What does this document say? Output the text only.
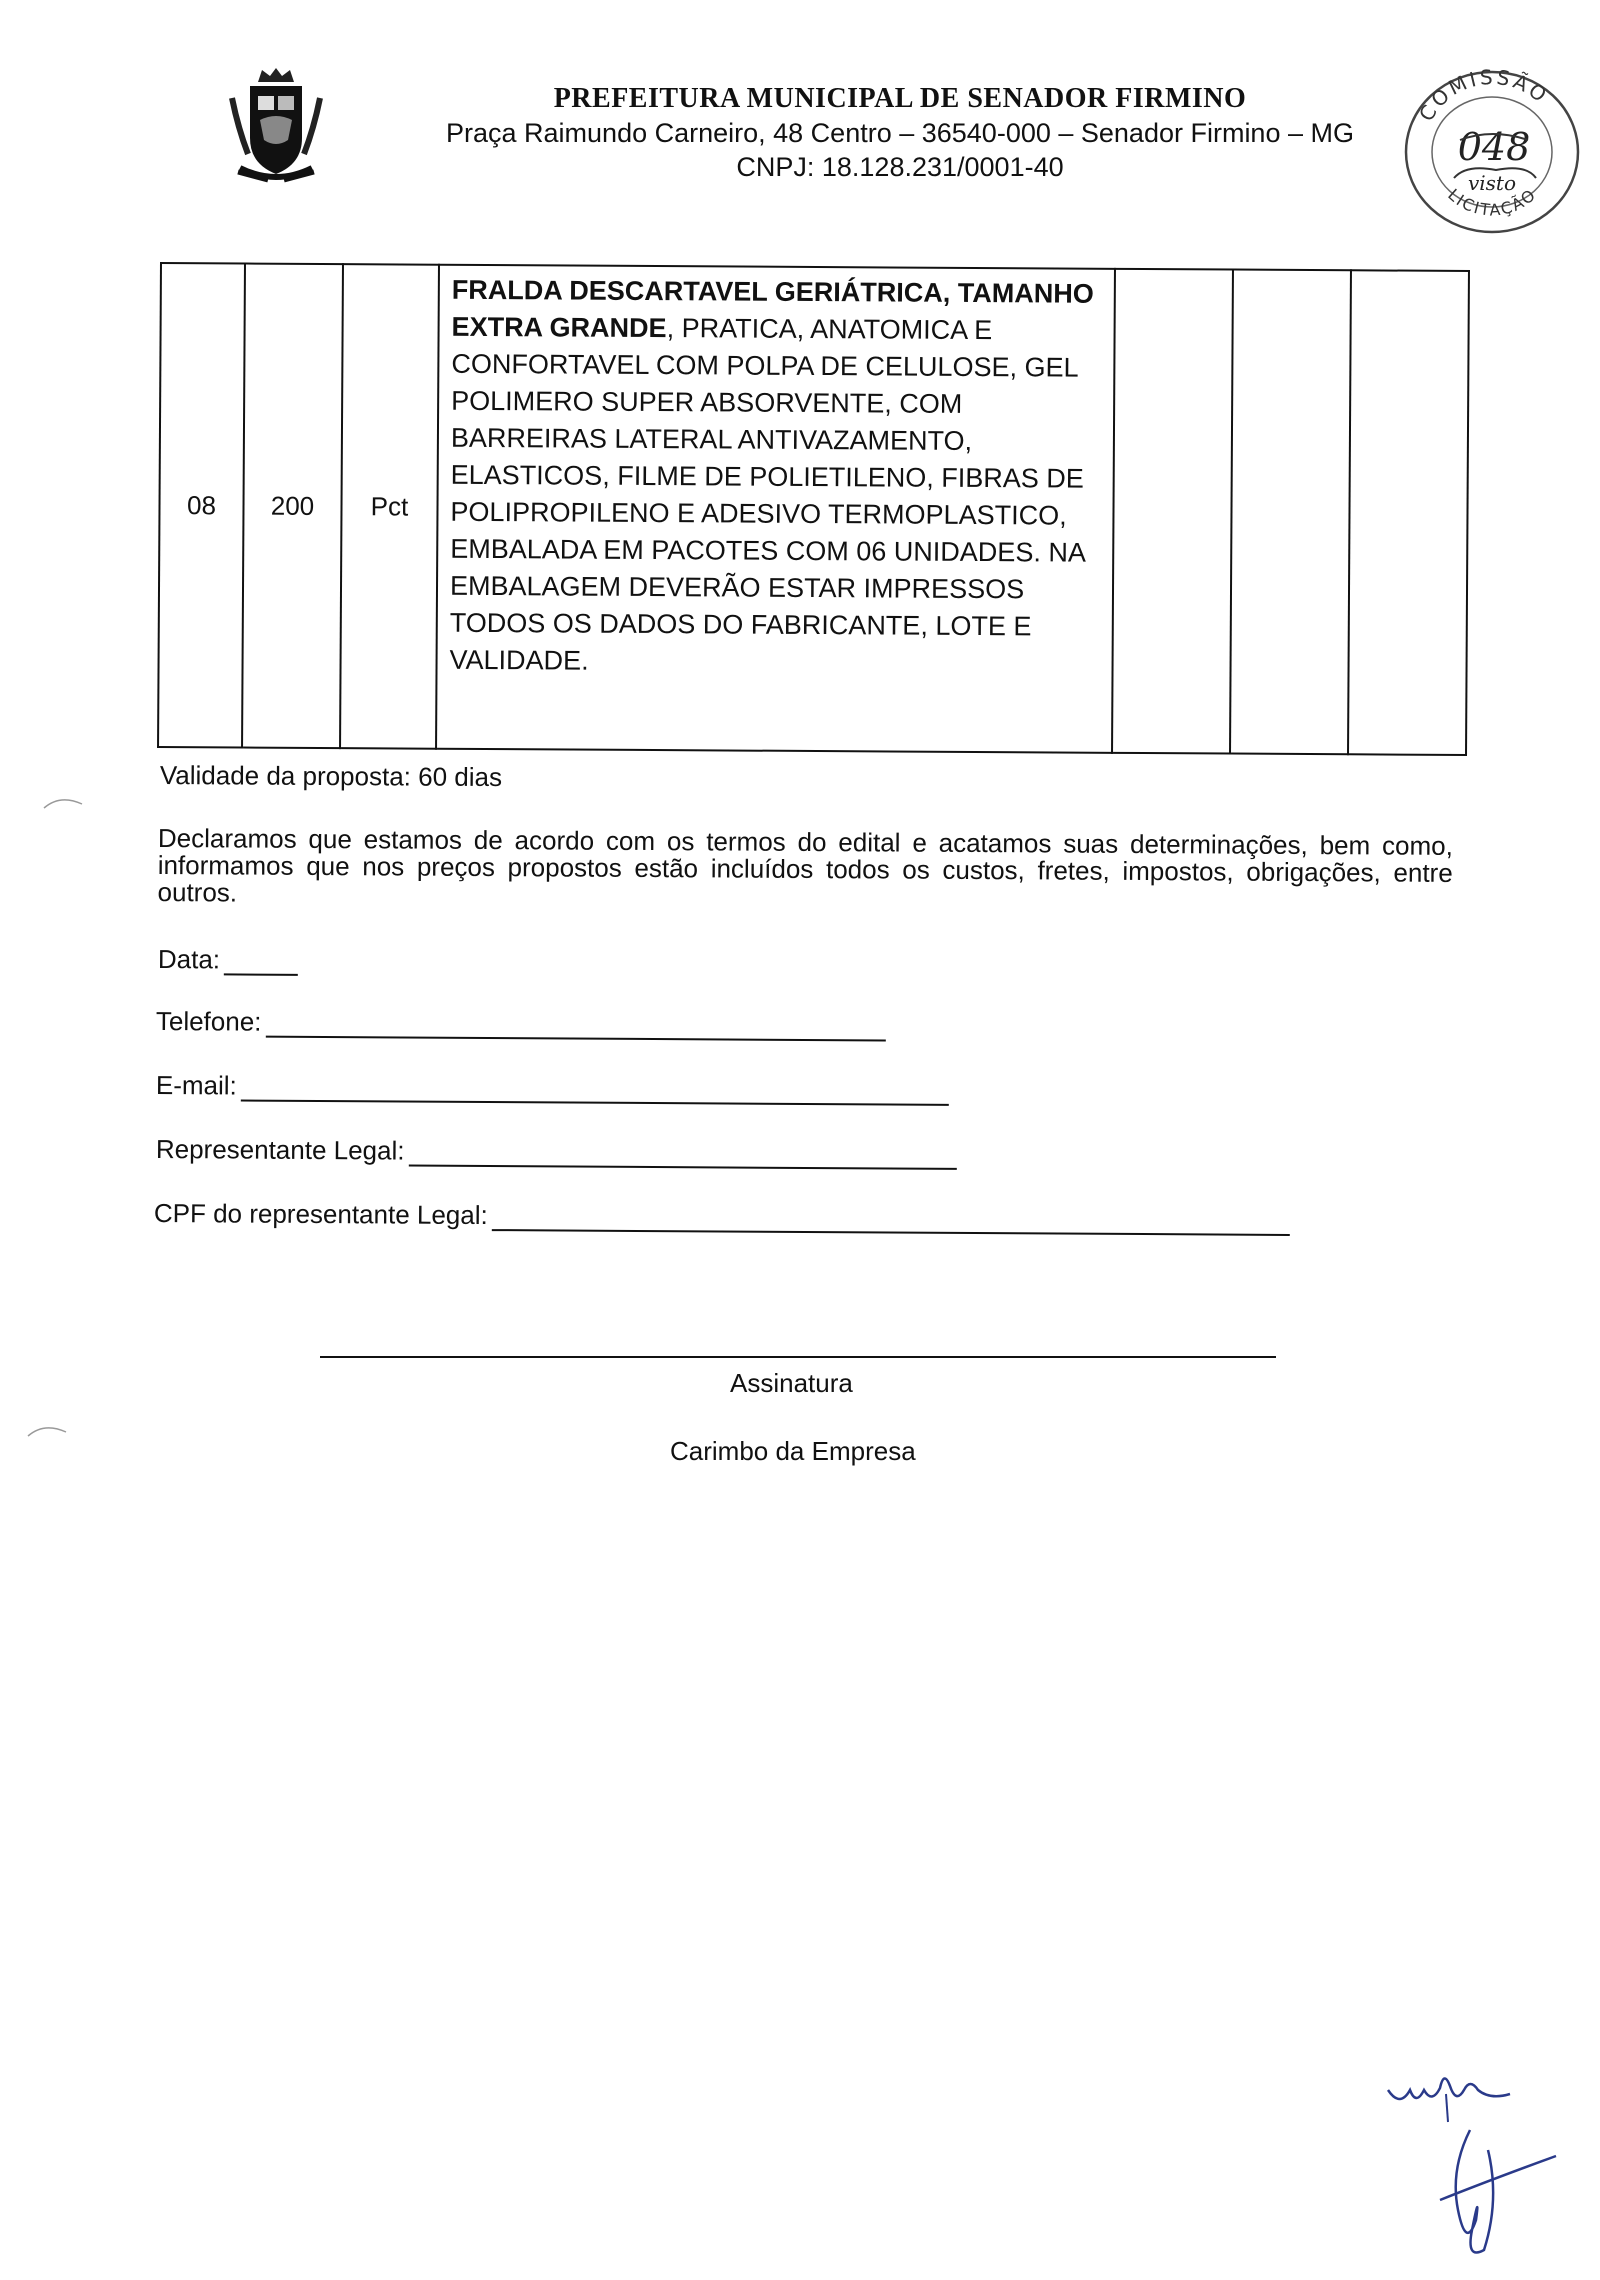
PREFEITURA MUNICIPAL DE SENADOR FIRMINO
Praça Raimundo Carneiro, 48 Centro – 36540-000 – Senador Firmino – MG
CNPJ: 18.128.231/0001-40
COMISSÃO
LICITAÇÃO
048
visto
08	200	Pct	FRALDA DESCARTAVEL GERIÁTRICA, TAMANHO EXTRA GRANDE, PRATICA, ANATOMICA E CONFORTAVEL COM POLPA DE CELULOSE, GEL POLIMERO SUPER ABSORVENTE, COM BARREIRAS LATERAL ANTIVAZAMENTO, ELASTICOS, FILME DE POLIETILENO, FIBRAS DE POLIPROPILENO E ADESIVO TERMOPLASTICO, EMBALADA EM PACOTES COM 06 UNIDADES. NA EMBALAGEM DEVERÃO ESTAR IMPRESSOS TODOS OS DADOS DO FABRICANTE, LOTE E VALIDADE.			
Validade da proposta: 60 dias
Declaramos que estamos de acordo com os termos do edital e acatamos suas determinações, bem como, informamos que nos preços propostos estão incluídos todos os custos, fretes, impostos, obrigações, entre outros.
Data:
Telefone:
E-mail:
Representante Legal:
CPF do representante Legal:
Assinatura
Carimbo da Empresa
